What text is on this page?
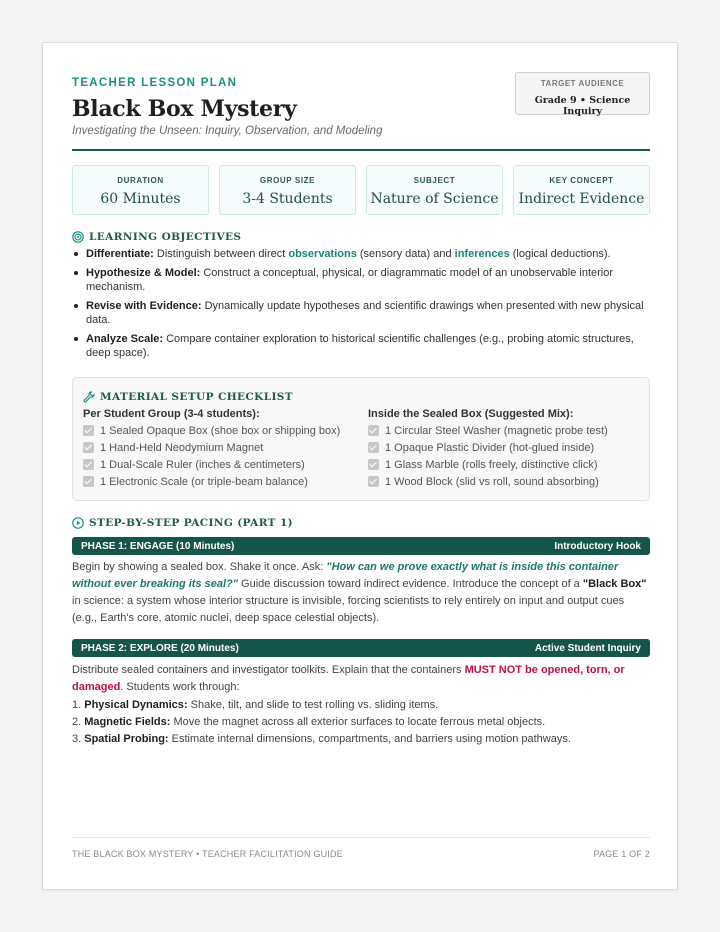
TEACHER LESSON PLAN
Black Box Mystery
Investigating the Unseen: Inquiry, Observation, and Modeling
TARGET AUDIENCE
Grade 9 • Science Inquiry
DURATION
60 Minutes
GROUP SIZE
3-4 Students
SUBJECT
Nature of Science
KEY CONCEPT
Indirect Evidence
LEARNING OBJECTIVES
Differentiate: Distinguish between direct observations (sensory data) and inferences (logical deductions).
Hypothesize & Model: Construct a conceptual, physical, or diagrammatic model of an unobservable interior mechanism.
Revise with Evidence: Dynamically update hypotheses and scientific drawings when presented with new physical data.
Analyze Scale: Compare container exploration to historical scientific challenges (e.g., probing atomic structures, deep space).
MATERIAL SETUP CHECKLIST
Per Student Group (3-4 students):
1 Sealed Opaque Box (shoe box or shipping box)
1 Hand-Held Neodymium Magnet
1 Dual-Scale Ruler (inches & centimeters)
1 Electronic Scale (or triple-beam balance)
Inside the Sealed Box (Suggested Mix):
1 Circular Steel Washer (magnetic probe test)
1 Opaque Plastic Divider (hot-glued inside)
1 Glass Marble (rolls freely, distinctive click)
1 Wood Block (slid vs roll, sound absorbing)
STEP-BY-STEP PACING (PART 1)
PHASE 1: ENGAGE (10 Minutes)	Introductory Hook
Begin by showing a sealed box. Shake it once. Ask: "How can we prove exactly what is inside this container without ever breaking its seal?" Guide discussion toward indirect evidence. Introduce the concept of a "Black Box" in science: a system whose interior structure is invisible, forcing scientists to rely entirely on input and output cues (e.g., Earth's core, atomic nuclei, deep space celestial objects).
PHASE 2: EXPLORE (20 Minutes)	Active Student Inquiry
Distribute sealed containers and investigator toolkits. Explain that the containers MUST NOT be opened, torn, or damaged. Students work through:
1. Physical Dynamics: Shake, tilt, and slide to test rolling vs. sliding items.
2. Magnetic Fields: Move the magnet across all exterior surfaces to locate ferrous metal objects.
3. Spatial Probing: Estimate internal dimensions, compartments, and barriers using motion pathways.
THE BLACK BOX MYSTERY • TEACHER FACILITATION GUIDE	PAGE 1 OF 2
